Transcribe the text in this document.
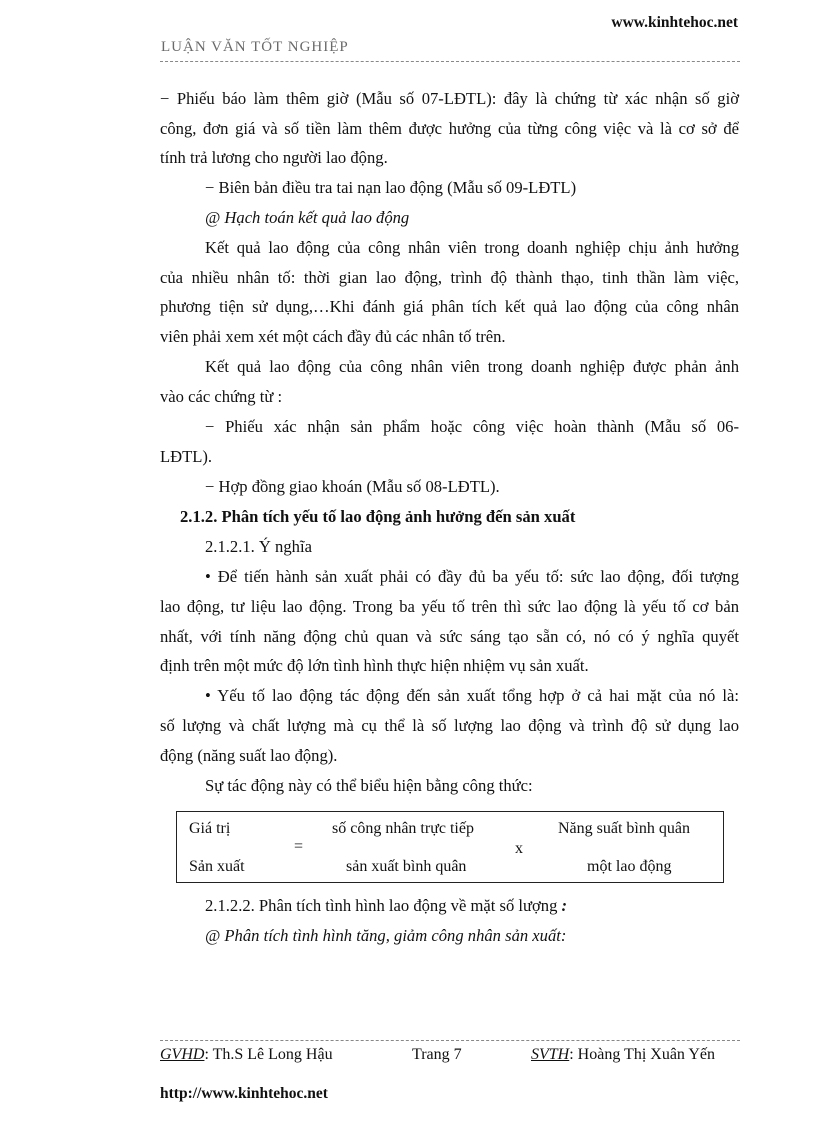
www.kinhtehoc.net
LUẬN VĂN TỐT NGHIỆP
− Phiếu báo làm thêm giờ (Mẫu số 07-LĐTL): đây là chứng từ xác nhận số giờ
công, đơn giá và số tiền làm thêm được hưởng của từng công việc và là cơ sở để
tính trả lương cho người lao động.
− Biên bản điều tra tai nạn lao động (Mẫu số 09-LĐTL)
@ Hạch toán kết quả lao động
Kết quả lao động của công nhân viên trong doanh nghiệp chịu ảnh hưởng
của nhiều nhân tố: thời gian lao động, trình độ thành thạo, tinh thần làm việc,
phương tiện sử dụng,…Khi đánh giá phân tích kết quả lao động của công nhân
viên phải xem xét một cách đầy đủ các nhân tố trên.
Kết quả lao động của công nhân viên trong doanh nghiệp được phản ảnh
vào các chứng từ :
− Phiếu xác nhận sản phẩm hoặc công việc hoàn thành (Mẫu số 06-
LĐTL).
− Hợp đồng giao khoán (Mẫu số 08-LĐTL).
2.1.2. Phân tích yếu tố lao động ảnh hưởng đến sản xuất
2.1.2.1. Ý nghĩa
• Để tiến hành sản xuất phải có đầy đủ ba yếu tố: sức lao động, đối tượng
lao động, tư liệu lao động. Trong ba yếu tố trên thì sức lao động là yếu tố cơ bản
nhất, với tính năng động chủ quan và sức sáng tạo sẵn có, nó có ý nghĩa quyết
định trên một mức độ lớn tình hình thực hiện nhiệm vụ sản xuất.
• Yếu tố lao động tác động đến sản xuất tổng hợp ở cả hai mặt của nó là:
số lượng và chất lượng mà cụ thể là số lượng lao động và trình độ sử dụng lao
động (năng suất lao động).
Sự tác động này có thể biểu hiện bằng công thức:
Giá trị
Sản xuất
=
số công nhân trực tiếp
sản xuất bình quân
x
Năng suất bình quân
một lao động
2.1.2.2. Phân tích tình hình lao động về mặt số lượng :
@ Phân tích tình hình tăng, giảm công nhân sản xuất:
GVHD: Th.S Lê Long Hậu	Trang 7	SVTH: Hoàng Thị Xuân Yến
http://www.kinhtehoc.net
